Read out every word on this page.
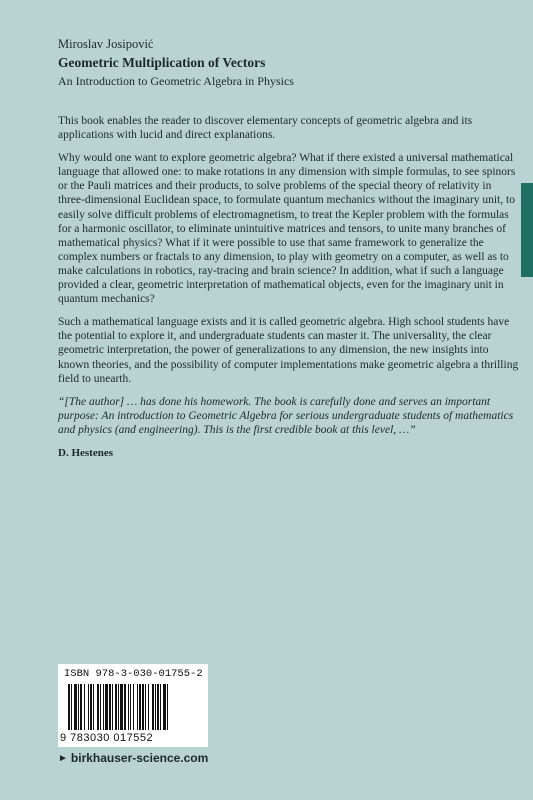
Miroslav Josipović

Geometric Multiplication of Vectors

An Introduction to Geometric Algebra in Physics

This book enables the reader to discover elementary concepts of geometric algebra and its applications with lucid and direct explanations.

Why would one want to explore geometric algebra? What if there existed a universal mathematical language that allowed one: to make rotations in any dimension with simple formulas, to see spinors or the Pauli matrices and their products, to solve problems of the special theory of relativity in three-dimensional Euclidean space, to formulate quantum mechanics without the imaginary unit, to easily solve difficult problems of electromagnetism, to treat the Kepler problem with the formulas for a harmonic oscillator, to eliminate unintuitive matrices and tensors, to unite many branches of mathematical physics? What if it were possible to use that same framework to generalize the complex numbers or fractals to any dimension, to play with geometry on a computer, as well as to make calculations in robotics, ray-tracing and brain science? In addition, what if such a language provided a clear, geometric interpretation of mathematical objects, even for the imaginary unit in quantum mechanics?

Such a mathematical language exists and it is called geometric algebra. High school students have the potential to explore it, and undergraduate students can master it. The universality, the clear geometric interpretation, the power of generalizations to any dimension, the new insights into known theories, and the possibility of computer implementations make geometric algebra a thrilling field to unearth.

“[The author] … has done his homework. The book is carefully done and serves an important purpose: An introduction to Geometric Algebra for serious undergraduate students of mathematics and physics (and engineering). This is the first credible book at this level, …”

D. Hestenes

ISBN 978-3-030-01755-2
9 783030 017552
► birkhauser-science.com
